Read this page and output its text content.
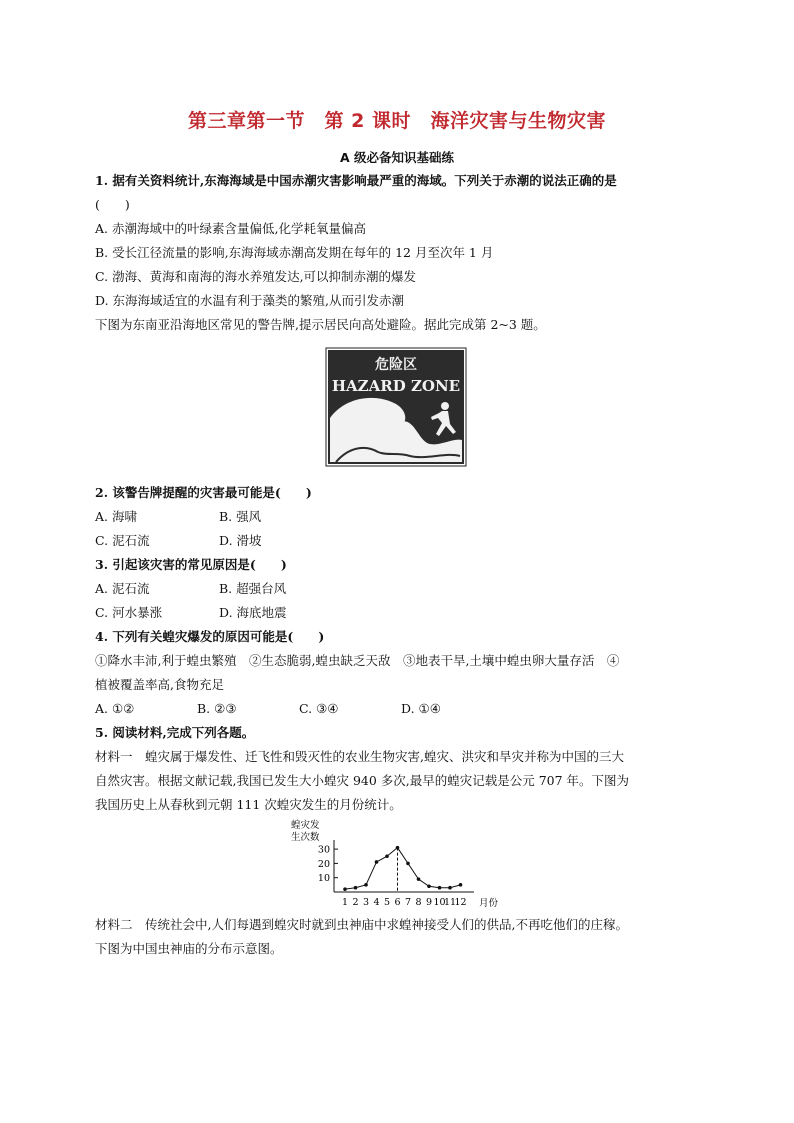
第三章第一节　第 2 课时　海洋灾害与生物灾害
A 级必备知识基础练
1. 据有关资料统计,东海海域是中国赤潮灾害影响最严重的海域。下列关于赤潮的说法正确的是
(　　)
A. 赤潮海域中的叶绿素含量偏低,化学耗氧量偏高
B. 受长江径流量的影响,东海海域赤潮高发期在每年的 12 月至次年 1 月
C. 渤海、黄海和南海的海水养殖发达,可以抑制赤潮的爆发
D. 东海海域适宜的水温有利于藻类的繁殖,从而引发赤潮
下图为东南亚沿海地区常见的警告牌,提示居民向高处避险。据此完成第 2~3 题。
危险区
HAZARD ZONE
2. 该警告牌提醒的灾害最可能是(　　)
A. 海啸	B. 强风
C. 泥石流	D. 滑坡
3. 引起该灾害的常见原因是(　　)
A. 泥石流	B. 超强台风
C. 河水暴涨	D. 海底地震
4. 下列有关蝗灾爆发的原因可能是(　　)
①降水丰沛,利于蝗虫繁殖　②生态脆弱,蝗虫缺乏天敌　③地表干旱,土壤中蝗虫卵大量存活　④
植被覆盖率高,食物充足
A. ①②	B. ②③	C. ③④	D. ①④
5. 阅读材料,完成下列各题。
材料一　蝗灾属于爆发性、迁飞性和毁灭性的农业生物灾害,蝗灾、洪灾和旱灾并称为中国的三大
自然灾害。根据文献记载,我国已发生大小蝗灾 940 多次,最早的蝗灾记载是公元 707 年。下图为
我国历史上从春秋到元朝 111 次蝗灾发生的月份统计。
蝗灾发
生次数
月份
10
20
30
1 2 3 4 5 6 7 8 9 10
11
12
材料二　传统社会中,人们每遇到蝗灾时就到虫神庙中求蝗神接受人们的供品,不再吃他们的庄稼。
下图为中国虫神庙的分布示意图。
